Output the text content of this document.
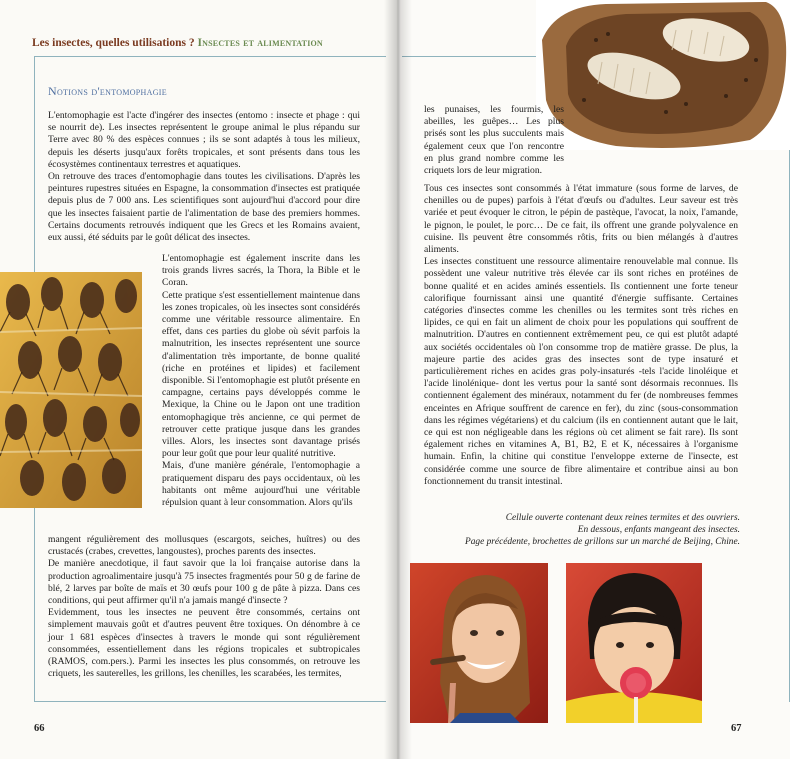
Les insectes, quelles utilisations ? Insectes et alimentation
Notions d'entomophagie

L'entomophagie est l'acte d'ingérer des insectes (entomo : insecte et phage : qui se nourrit de). Les insectes représentent le groupe animal le plus répandu sur Terre avec 80 % des espèces connues ; ils se sont adaptés à tous les milieux, depuis les déserts jusqu'aux forêts tropicales, et sont présents dans tous les écosystèmes continentaux terrestres et aquatiques.

On retrouve des traces d'entomophagie dans toutes les civilisations. D'après les peintures rupestres situées en Espagne, la consommation d'insectes est pratiquée depuis plus de 7 000 ans. Les scientifiques sont aujourd'hui d'accord pour dire que les insectes faisaient partie de l'alimentation de base des premiers hommes. Certains documents retrouvés indiquent que les Grecs et les Romains avaient, eux aussi, été séduits par le goût délicat des insectes.

L'entomophagie est également inscrite dans les trois grands livres sacrés, la Thora, la Bible et le Coran.

Cette pratique s'est essentiellement maintenue dans les zones tropicales, où les insectes sont considérés comme une véritable ressource alimentaire. En effet, dans ces parties du globe où sévit parfois la malnutrition, les insectes représentent une source d'alimentation très importante, de bonne qualité (riche en protéines et lipides) et facilement disponible. Si l'entomophagie est plutôt présente en campagne, certains pays développés comme le Mexique, la Chine ou le Japon ont une tradition entomophagique très ancienne, ce qui permet de retrouver cette pratique jusque dans les grandes villes. Alors, les insectes sont davantage prisés pour leur goût que pour leur qualité nutritive.

Mais, d'une manière générale, l'entomophagie a pratiquement disparu des pays occidentaux, où les habitants ont même aujourd'hui une véritable répulsion quant à leur consommation. Alors qu'ils

mangent régulièrement des mollusques (escargots, seiches, huîtres) ou des crustacés (crabes, crevettes, langoustes), proches parents des insectes.

De manière anecdotique, il faut savoir que la loi française autorise dans la production agroalimentaire jusqu'à 75 insectes fragmentés pour 50 g de farine de blé, 2 larves par boîte de maïs et 30 œufs pour 100 g de pâte à pizza. Dans ces conditions, qui peut affirmer qu'il n'a jamais mangé d'insecte ?

Evidemment, tous les insectes ne peuvent être consommés, certains ont simplement mauvais goût et d'autres peuvent être toxiques. On dénombre à ce jour 1 681 espèces d'insectes à travers le monde qui sont régulièrement consommées, essentiellement dans les régions tropicales et subtropicales (RAMOS, com.pers.). Parmi les insectes les plus consommés, on retrouve les criquets, les sauterelles, les grillons, les chenilles, les scarabées, les termites,

66
les punaises, les fourmis, les abeilles, les guêpes… Les plus prisés sont les plus succulents mais également ceux que l'on rencontre en plus grand nombre comme les criquets lors de leur migration.

Tous ces insectes sont consommés à l'état immature (sous forme de larves, de chenilles ou de pupes) parfois à l'état d'œufs ou d'adultes. Leur saveur est très variée et peut évoquer le citron, le pépin de pastèque, l'avocat, la noix, l'amande, le pignon, le poulet, le porc… De ce fait, ils offrent une grande polyvalence en cuisine. Ils peuvent être consommés rôtis, frits ou bien mélangés à d'autres aliments.

Les insectes constituent une ressource alimentaire renouvelable mal connue. Ils possèdent une valeur nutritive très élevée car ils sont riches en protéines de bonne qualité et en acides aminés essentiels. Ils contiennent une forte teneur calorifique fournissant ainsi une quantité d'énergie suffisante. Certaines catégories d'insectes comme les chenilles ou les termites sont très riches en lipides, ce qui en fait un aliment de choix pour les populations qui souffrent de malnutrition. D'autres en contiennent extrêmement peu, ce qui est plutôt adapté aux sociétés occidentales où l'on consomme trop de matière grasse. De plus, la majeure partie des acides gras des insectes sont de type insaturé et particulièrement riches en acides gras poly-insaturés -tels l'acide linoléique et l'acide linolénique- dont les vertus pour la santé sont désormais reconnues. Ils contiennent également des minéraux, notamment du fer (de nombreuses femmes enceintes en Afrique souffrent de carence en fer), du zinc (sous-consommation dans les régimes végétariens) et du calcium (ils en contiennent autant que le lait, ce qui est non négligeable dans les régions où cet aliment se fait rare). Ils sont également riches en vitamines A, B1, B2, E et K, nécessaires à l'organisme humain. Enfin, la chitine qui constitue l'enveloppe externe de l'insecte, est considérée comme une source de fibre alimentaire et contribue ainsi au bon fonctionnement du transit intestinal.

Cellule ouverte contenant deux reines termites et des ouvriers.
En dessous, enfants mangeant des insectes.
Page précédente, brochettes de grillons sur un marché de Beijing, Chine.
67
